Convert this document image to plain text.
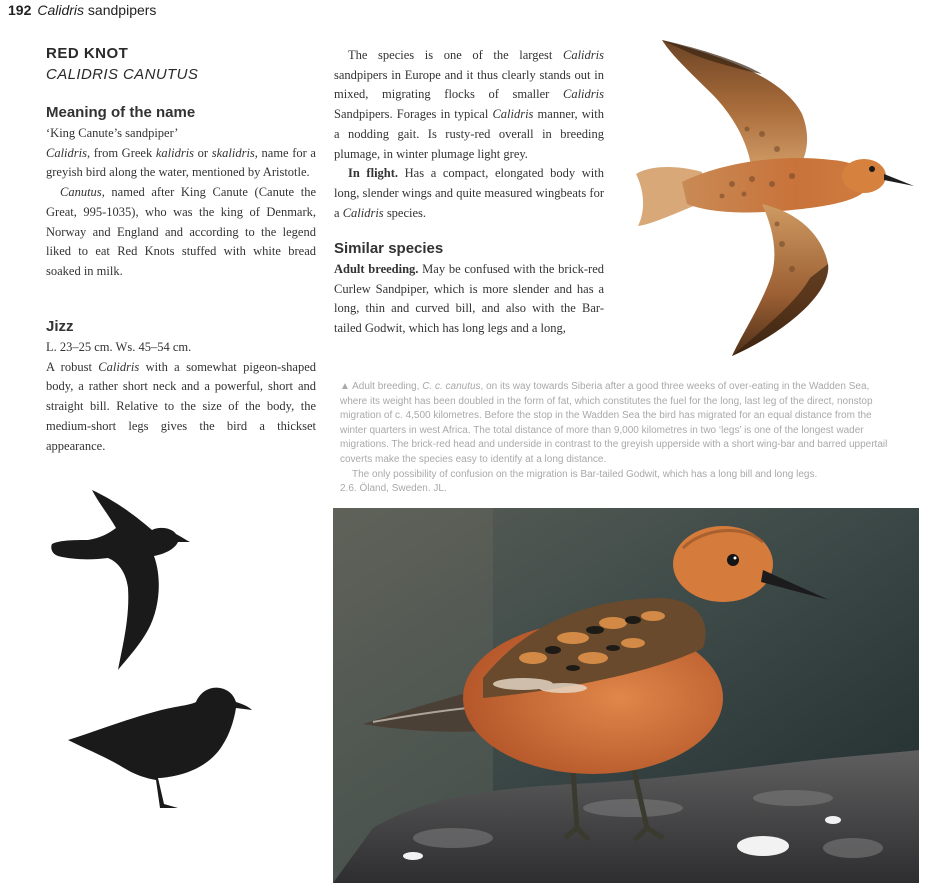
192 Calidris sandpipers
RED KNOT
CALIDRIS CANUTUS
Meaning of the name

‘King Canute’s sandpiper’

Calidris, from Greek kalidris or skalidris, name for a greyish bird along the water, mentioned by Aristotle.

Canutus, named after King Canute (Canute the Great, 995-1035), who was the king of Denmark, Norway and England and according to the legend liked to eat Red Knots stuffed with white bread soaked in milk.

Jizz

L. 23–25 cm. Ws. 45–54 cm.

A robust Calidris with a somewhat pigeon-shaped body, a rather short neck and a powerful, short and straight bill. Relative to the size of the body, the medium-short legs gives the bird a thickset appearance.

The species is one of the largest Calidris sandpipers in Europe and it thus clearly stands out in mixed, migrating flocks of smaller Calidris Sandpipers. Forages in typical Calidris manner, with a nodding gait. Is rusty-red overall in breeding plumage, in winter plumage light grey.

In flight. Has a compact, elongated body with long, slender wings and quite measured wingbeats for a Calidris species.

Similar species

Adult breeding. May be confused with the brick-red Curlew Sandpiper, which is more slender and has a long, thin and curved bill, and also with the Bar-tailed Godwit, which has long legs and a long,

▲ Adult breeding, C. c. canutus, on its way towards Siberia after a good three weeks of over-eating in the Wadden Sea, where its weight has been doubled in the form of fat, which constitutes the fuel for the long, last leg of the direct, nonstop migration of c. 4,500 kilometres. Before the stop in the Wadden Sea the bird has migrated for an equal distance from the winter quarters in west Africa. The total distance of more than 9,000 kilometres in two ‘legs’ is one of the longest wader migrations. The brick-red head and underside in contrast to the greyish upperside with a short wing-bar and barred uppertail coverts make the species easy to identify at a long distance.

The only possibility of confusion on the migration is Bar-tailed Godwit, which has a long bill and long legs.

2.6. Öland, Sweden. JL.
